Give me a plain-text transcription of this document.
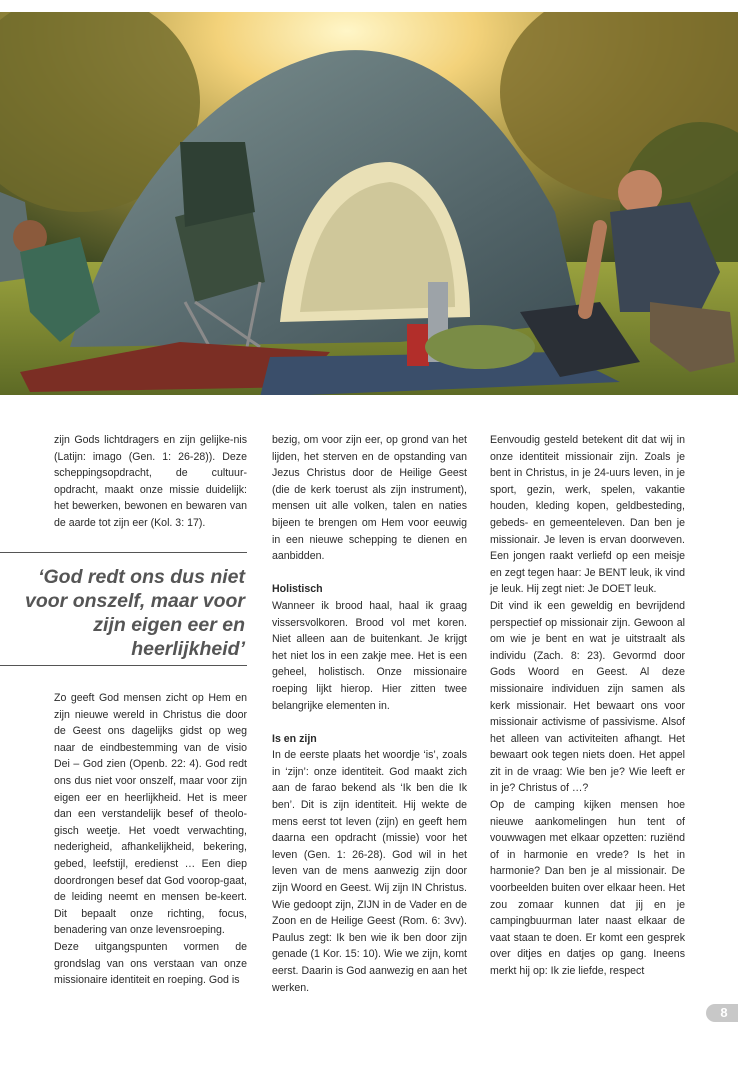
zijn Gods lichtdragers en zijn gelijke-nis (Latijn: imago (Gen. 1: 26-28)). Deze scheppingsopdracht, de cultuur-opdracht, maakt onze missie duidelijk: het bewerken, bewonen en bewaren van de aarde tot zijn eer (Kol. 3: 17).

‘God redt ons dus niet voor onszelf, maar voor zijn eigen eer en heerlijkheid’

Zo geeft God mensen zicht op Hem en zijn nieuwe wereld in Christus die door de Geest ons dagelijks gidst op weg naar de eindbestemming van de visio Dei – God zien (Openb. 22: 4). God redt ons dus niet voor onszelf, maar voor zijn eigen eer en heerlijkheid. Het is meer dan een verstandelijk besef of theolo-gisch weetje. Het voedt verwachting, nederigheid, afhankelijkheid, bekering, gebed, leefstijl, eredienst … Een diep doordrongen besef dat God voorop-gaat, de leiding neemt en mensen be-keert. Dit bepaalt onze richting, focus, benadering van onze levensroeping.

Deze uitgangspunten vormen de grondslag van ons verstaan van onze missionaire identiteit en roeping. God is

bezig, om voor zijn eer, op grond van het lijden, het sterven en de opstanding van Jezus Christus door de Heilige Geest (die de kerk toerust als zijn instrument), mensen uit alle volken, talen en naties bijeen te brengen om Hem voor eeuwig in een nieuwe schepping te dienen en aanbidden.

Holistisch

Wanneer ik brood haal, haal ik graag vissersvolkoren. Brood vol met koren. Niet alleen aan de buitenkant. Je krijgt het niet los in een zakje mee. Het is een geheel, holistisch. Onze missionaire roeping lijkt hierop. Hier zitten twee belangrijke elementen in.

Is en zijn

In de eerste plaats het woordje ‘is’, zoals in ‘zijn’: onze identiteit. God maakt zich aan de farao bekend als ‘Ik ben die Ik ben’. Dit is zijn identiteit. Hij wekte de mens eerst tot leven (zijn) en geeft hem daarna een opdracht (missie) voor het leven (Gen. 1: 26-28). God wil in het leven van de mens aanwezig zijn door zijn Woord en Geest. Wij zijn IN Christus. Wie gedoopt zijn, ZIJN in de Vader en de Zoon en de Heilige Geest (Rom. 6: 3vv). Paulus zegt: Ik ben wie ik ben door zijn genade (1 Kor. 15: 10). Wie we zijn, komt eerst. Daarin is God aanwezig en aan het werken.

Eenvoudig gesteld betekent dit dat wij in onze identiteit missionair zijn. Zoals je bent in Christus, in je 24-uurs leven, in je sport, gezin, werk, spelen, vakantie houden, kleding kopen, geldbesteding, gebeds- en gemeenteleven. Dan ben je missionair. Je leven is ervan doorweven. Een jongen raakt verliefd op een meisje en zegt tegen haar: Je BENT leuk, ik vind je leuk. Hij zegt niet: Je DOET leuk.

Dit vind ik een geweldig en bevrijdend perspectief op missionair zijn. Gewoon al om wie je bent en wat je uitstraalt als individu (Zach. 8: 23). Gevormd door Gods Woord en Geest. Al deze missionaire individuen zijn samen als kerk missionair. Het bewaart ons voor missionair activisme of passivisme. Alsof het alleen van activiteiten afhangt. Het bewaart ook tegen niets doen. Het appel zit in de vraag: Wie ben je? Wie leeft er in je? Christus of …?

Op de camping kijken mensen hoe nieuwe aankomelingen hun tent of vouwwagen met elkaar opzetten: ruziënd of in harmonie en vrede? Is het in harmonie? Dan ben je al missionair. De voorbeelden buiten over elkaar heen. Het zou zomaar kunnen dat jij en je campingbuurman later naast elkaar de vaat staan te doen. Er komt een gesprek over ditjes en datjes op gang. Ineens merkt hij op: Ik zie liefde, respect

8
